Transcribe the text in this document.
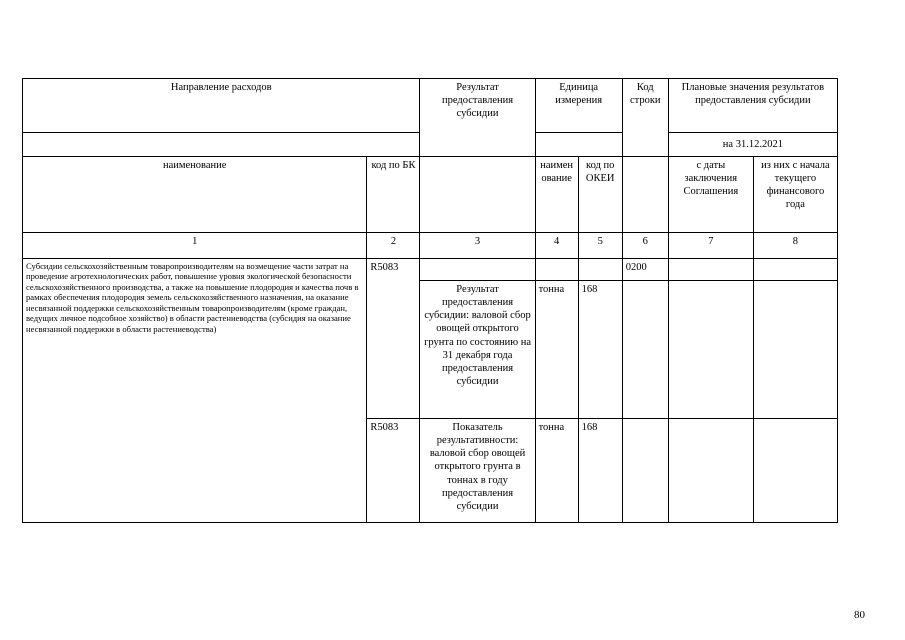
Направление расходов		Результат предоставления субсидии	Единица измерения		Код строки	Плановые значения результатов предоставления субсидии	
						на 31.12.2021	
наименование	код по БК		наимен ование	код по ОКЕИ		с даты заключения Соглашения	из них с начала текущего финансового года
1	2	3	4	5	6	7	8
Субсидии сельскохозяйственным товаропроизводителям на возмещение части затрат на проведение агротехнологических работ, повышение уровня экологической безопасности сельскохозяйственного производства, а также на повышение плодородия и качества почв в рамках обеспечения плодородия земель сельскохозяйственного назначения, на оказание несвязанной поддержки сельскохозяйственным товаропроизводителям (кроме граждан, ведущих личное подсобное хозяйство) в области растениеводства (субсидия на оказание несвязанной поддержки в области растениеводства)	R5083				0200		
		Результат предоставления субсидии: валовой сбор овощей открытого грунта по состоянию на 31 декабря года предоставления субсидии	тонна	168			
	R5083	Показатель результативности: валовой сбор овощей открытого грунта в тоннах в году предоставления субсидии	тонна	168			
80
